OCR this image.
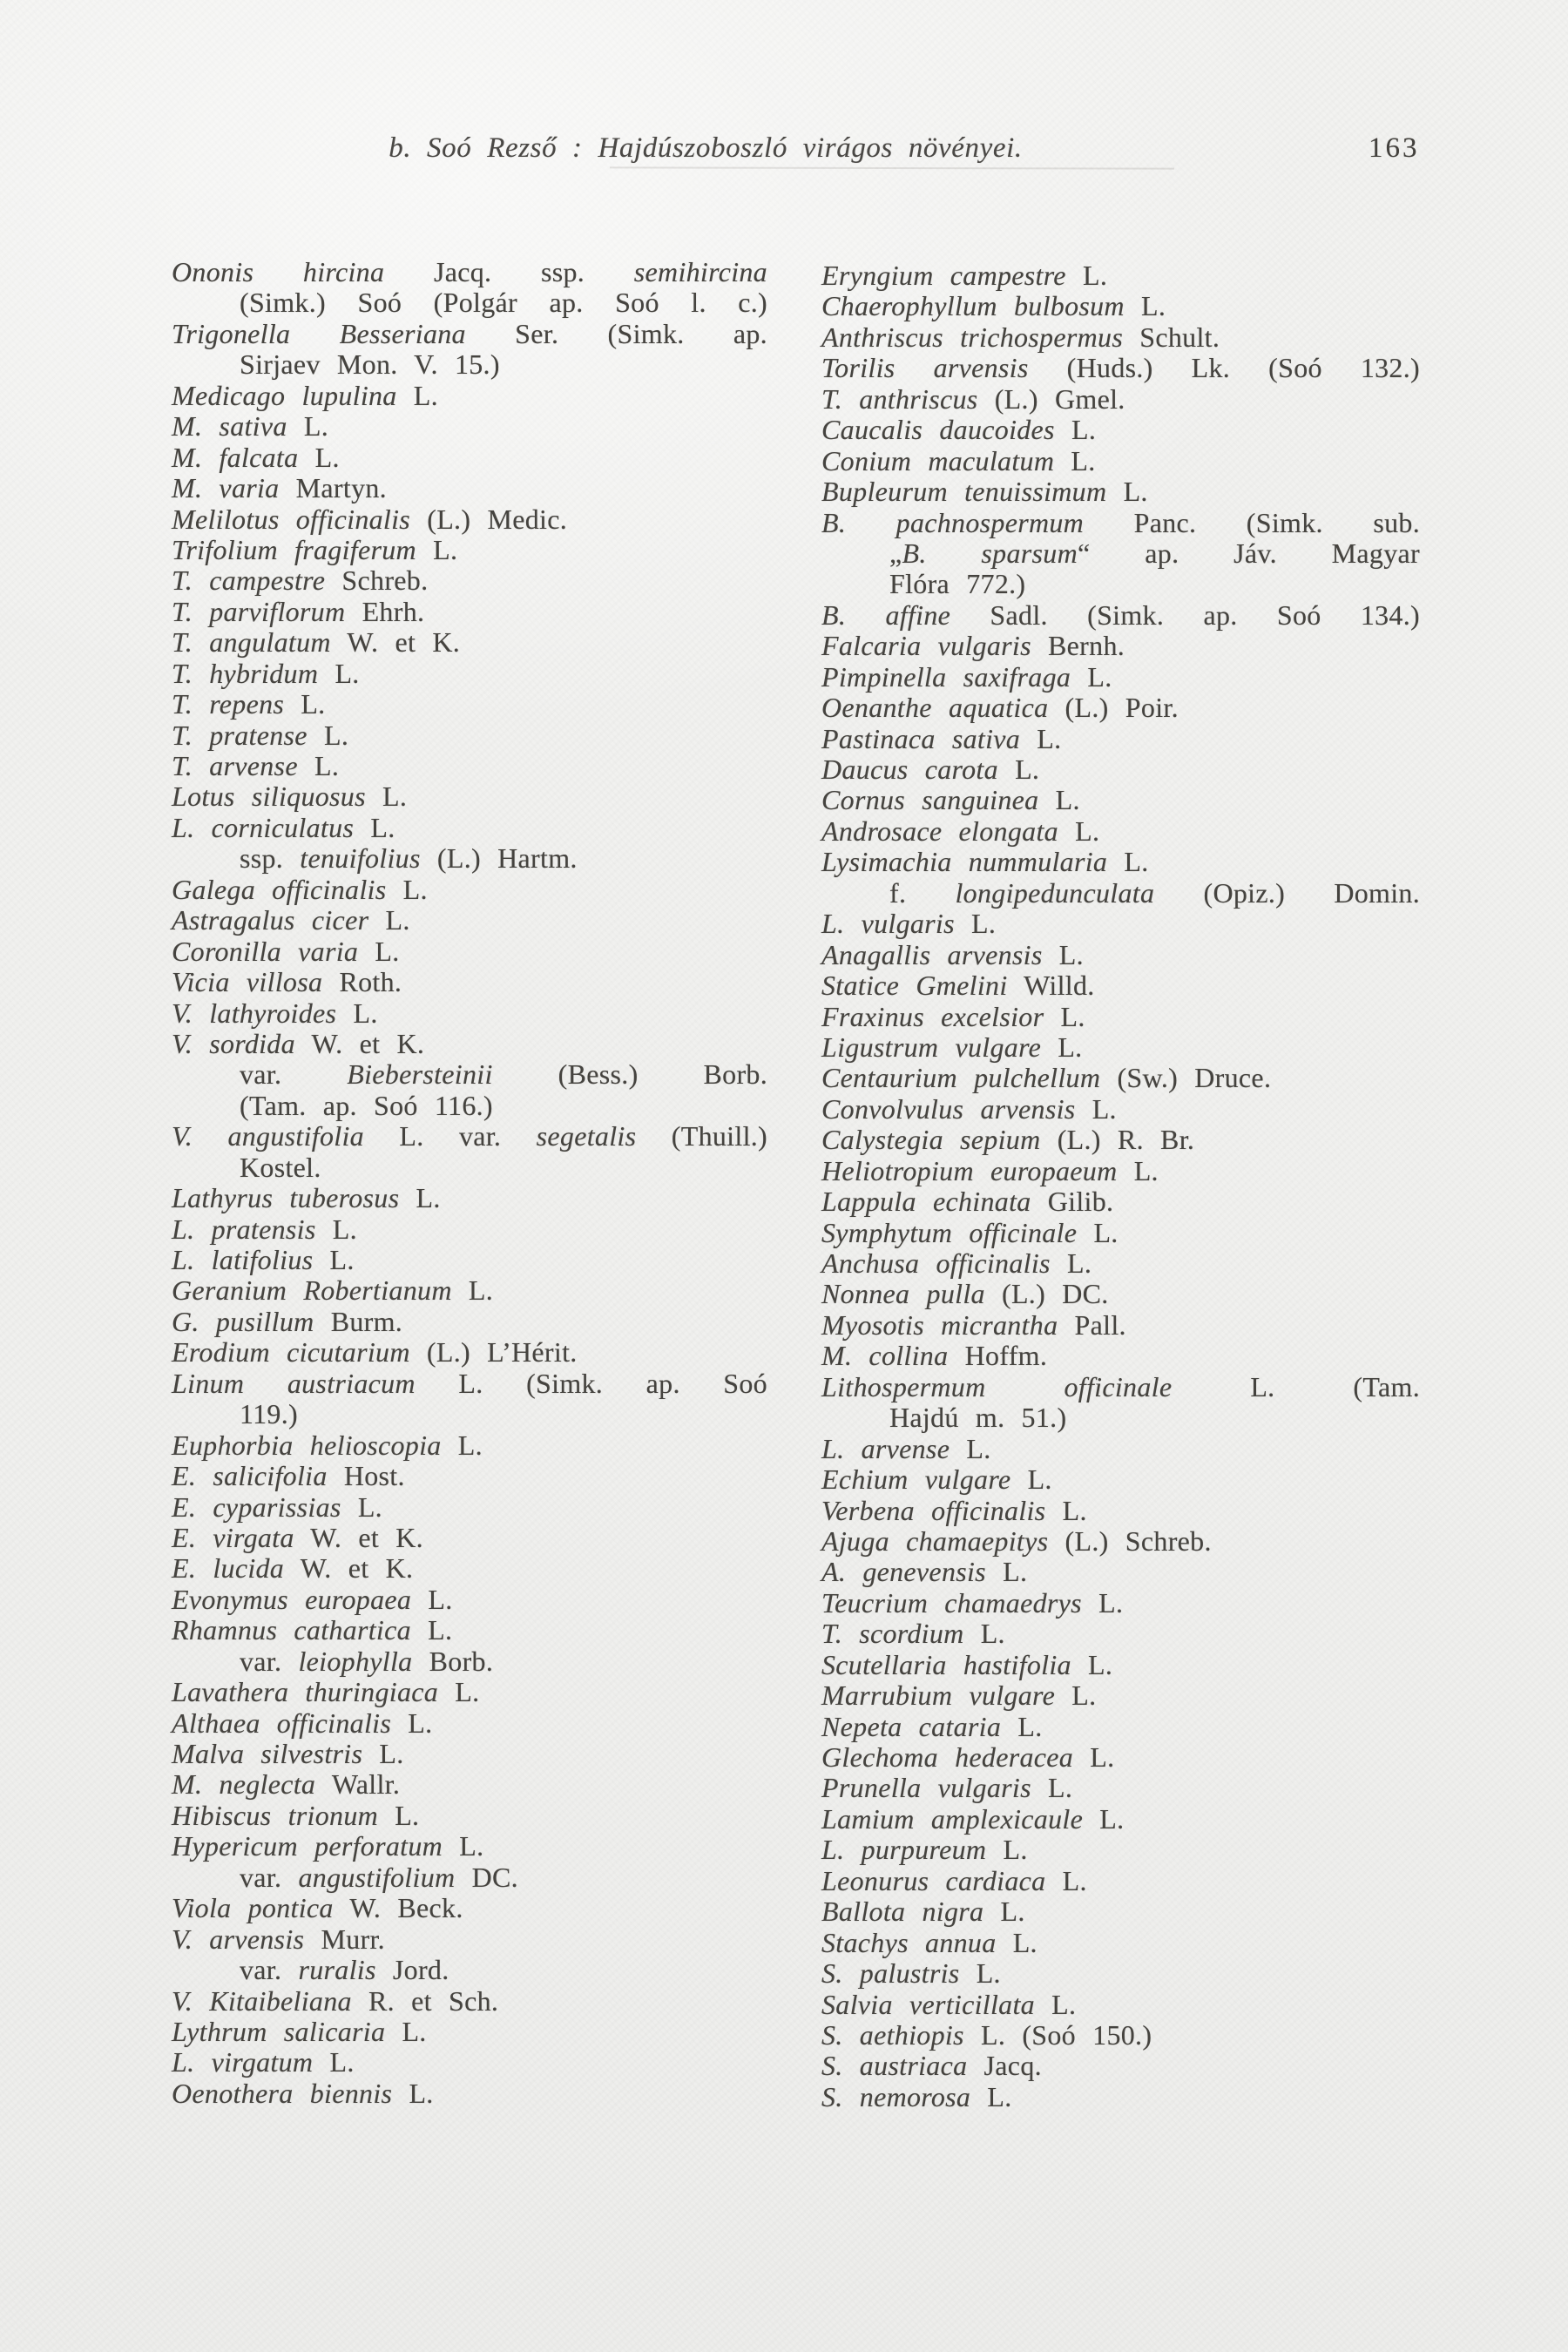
b. Soó Rezső : Hajdúszoboszló virágos növényei.	163
Ononis hircina Jacq. ssp. semihircina
(Simk.) Soó (Polgár ap. Soó l. c.)
Trigonella Besseriana Ser. (Simk. ap.
Sirjaev Mon. V. 15.)
Medicago lupulina L.
M. sativa L.
M. falcata L.
M. varia Martyn.
Melilotus officinalis (L.) Medic.
Trifolium fragiferum L.
T. campestre Schreb.
T. parviflorum Ehrh.
T. angulatum W. et K.
T. hybridum L.
T. repens L.
T. pratense L.
T. arvense L.
Lotus siliquosus L.
L. corniculatus L.
ssp. tenuifolius (L.) Hartm.
Galega officinalis L.
Astragalus cicer L.
Coronilla varia L.
Vicia villosa Roth.
V. lathyroides L.
V. sordida W. et K.
var. Biebersteinii (Bess.) Borb.
(Tam. ap. Soó 116.)
V. angustifolia L. var. segetalis (Thuill.)
Kostel.
Lathyrus tuberosus L.
L. pratensis L.
L. latifolius L.
Geranium Robertianum L.
G. pusillum Burm.
Erodium cicutarium (L.) L’Hérit.
Linum austriacum L. (Simk. ap. Soó
119.)
Euphorbia helioscopia L.
E. salicifolia Host.
E. cyparissias L.
E. virgata W. et K.
E. lucida W. et K.
Evonymus europaea L.
Rhamnus cathartica L.
var. leiophylla Borb.
Lavathera thuringiaca L.
Althaea officinalis L.
Malva silvestris L.
M. neglecta Wallr.
Hibiscus trionum L.
Hypericum perforatum L.
var. angustifolium DC.
Viola pontica W. Beck.
V. arvensis Murr.
var. ruralis Jord.
V. Kitaibeliana R. et Sch.
Lythrum salicaria L.
L. virgatum L.
Oenothera biennis L.
Eryngium campestre L.
Chaerophyllum bulbosum L.
Anthriscus trichospermus Schult.
Torilis arvensis (Huds.) Lk. (Soó 132.)
T. anthriscus (L.) Gmel.
Caucalis daucoides L.
Conium maculatum L.
Bupleurum tenuissimum L.
B. pachnospermum Panc. (Simk. sub.
„B. sparsum“ ap. Jáv. Magyar
Flóra 772.)
B. affine Sadl. (Simk. ap. Soó 134.)
Falcaria vulgaris Bernh.
Pimpinella saxifraga L.
Oenanthe aquatica (L.) Poir.
Pastinaca sativa L.
Daucus carota L.
Cornus sanguinea L.
Androsace elongata L.
Lysimachia nummularia L.
f. longipedunculata (Opiz.) Domin.
L. vulgaris L.
Anagallis arvensis L.
Statice Gmelini Willd.
Fraxinus excelsior L.
Ligustrum vulgare L.
Centaurium pulchellum (Sw.) Druce.
Convolvulus arvensis L.
Calystegia sepium (L.) R. Br.
Heliotropium europaeum L.
Lappula echinata Gilib.
Symphytum officinale L.
Anchusa officinalis L.
Nonnea pulla (L.) DC.
Myosotis micrantha Pall.
M. collina Hoffm.
Lithospermum officinale L. (Tam.
Hajdú m. 51.)
L. arvense L.
Echium vulgare L.
Verbena officinalis L.
Ajuga chamaepitys (L.) Schreb.
A. genevensis L.
Teucrium chamaedrys L.
T. scordium L.
Scutellaria hastifolia L.
Marrubium vulgare L.
Nepeta cataria L.
Glechoma hederacea L.
Prunella vulgaris L.
Lamium amplexicaule L.
L. purpureum L.
Leonurus cardiaca L.
Ballota nigra L.
Stachys annua L.
S. palustris L.
Salvia verticillata L.
S. aethiopis L. (Soó 150.)
S. austriaca Jacq.
S. nemorosa L.
